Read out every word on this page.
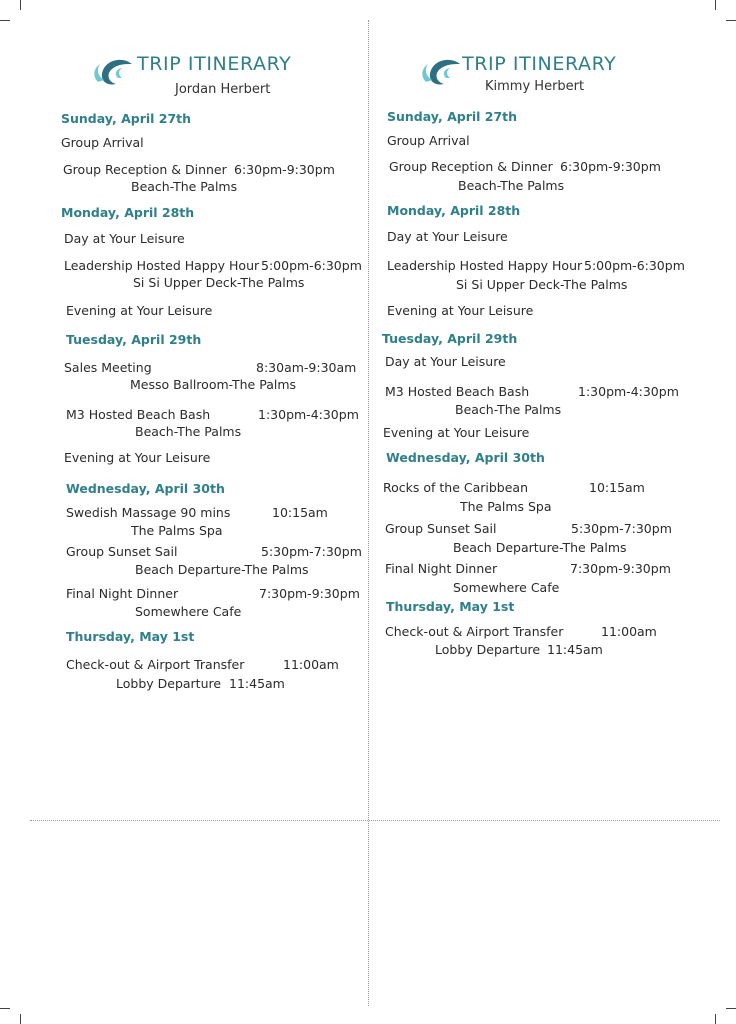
TRIP ITINERARY
Jordan Herbert
Sunday, April 27th
Group Arrival
Group Reception & Dinner 6:30pm-9:30pm
Beach-The Palms
Monday, April 28th
Day at Your Leisure
Leadership Hosted Happy Hour 5:00pm-6:30pm
Si Si Upper Deck-The Palms
Evening at Your Leisure
Tuesday, April 29th
Sales Meeting	8:30am-9:30am
Messo Ballroom-The Palms
M3 Hosted Beach Bash	1:30pm-4:30pm
Beach-The Palms
Evening at Your Leisure
Wednesday, April 30th
Swedish Massage 90 mins	10:15am
The Palms Spa
Group Sunset Sail	5:30pm-7:30pm
Beach Departure-The Palms
Final Night Dinner	7:30pm-9:30pm
Somewhere Cafe
Thursday, May 1st
Check-out & Airport Transfer	11:00am
Lobby Departure 11:45am
TRIP ITINERARY
Kimmy Herbert
Sunday, April 27th
Group Arrival
Group Reception & Dinner 6:30pm-9:30pm
Beach-The Palms
Monday, April 28th
Day at Your Leisure
Leadership Hosted Happy Hour 5:00pm-6:30pm
Si Si Upper Deck-The Palms
Evening at Your Leisure
Tuesday, April 29th
Day at Your Leisure
M3 Hosted Beach Bash	1:30pm-4:30pm
Beach-The Palms
Evening at Your Leisure
Wednesday, April 30th
Rocks of the Caribbean	10:15am
The Palms Spa
Group Sunset Sail	5:30pm-7:30pm
Beach Departure-The Palms
Final Night Dinner	7:30pm-9:30pm
Somewhere Cafe
Thursday, May 1st
Check-out & Airport Transfer	11:00am
Lobby Departure 11:45am
